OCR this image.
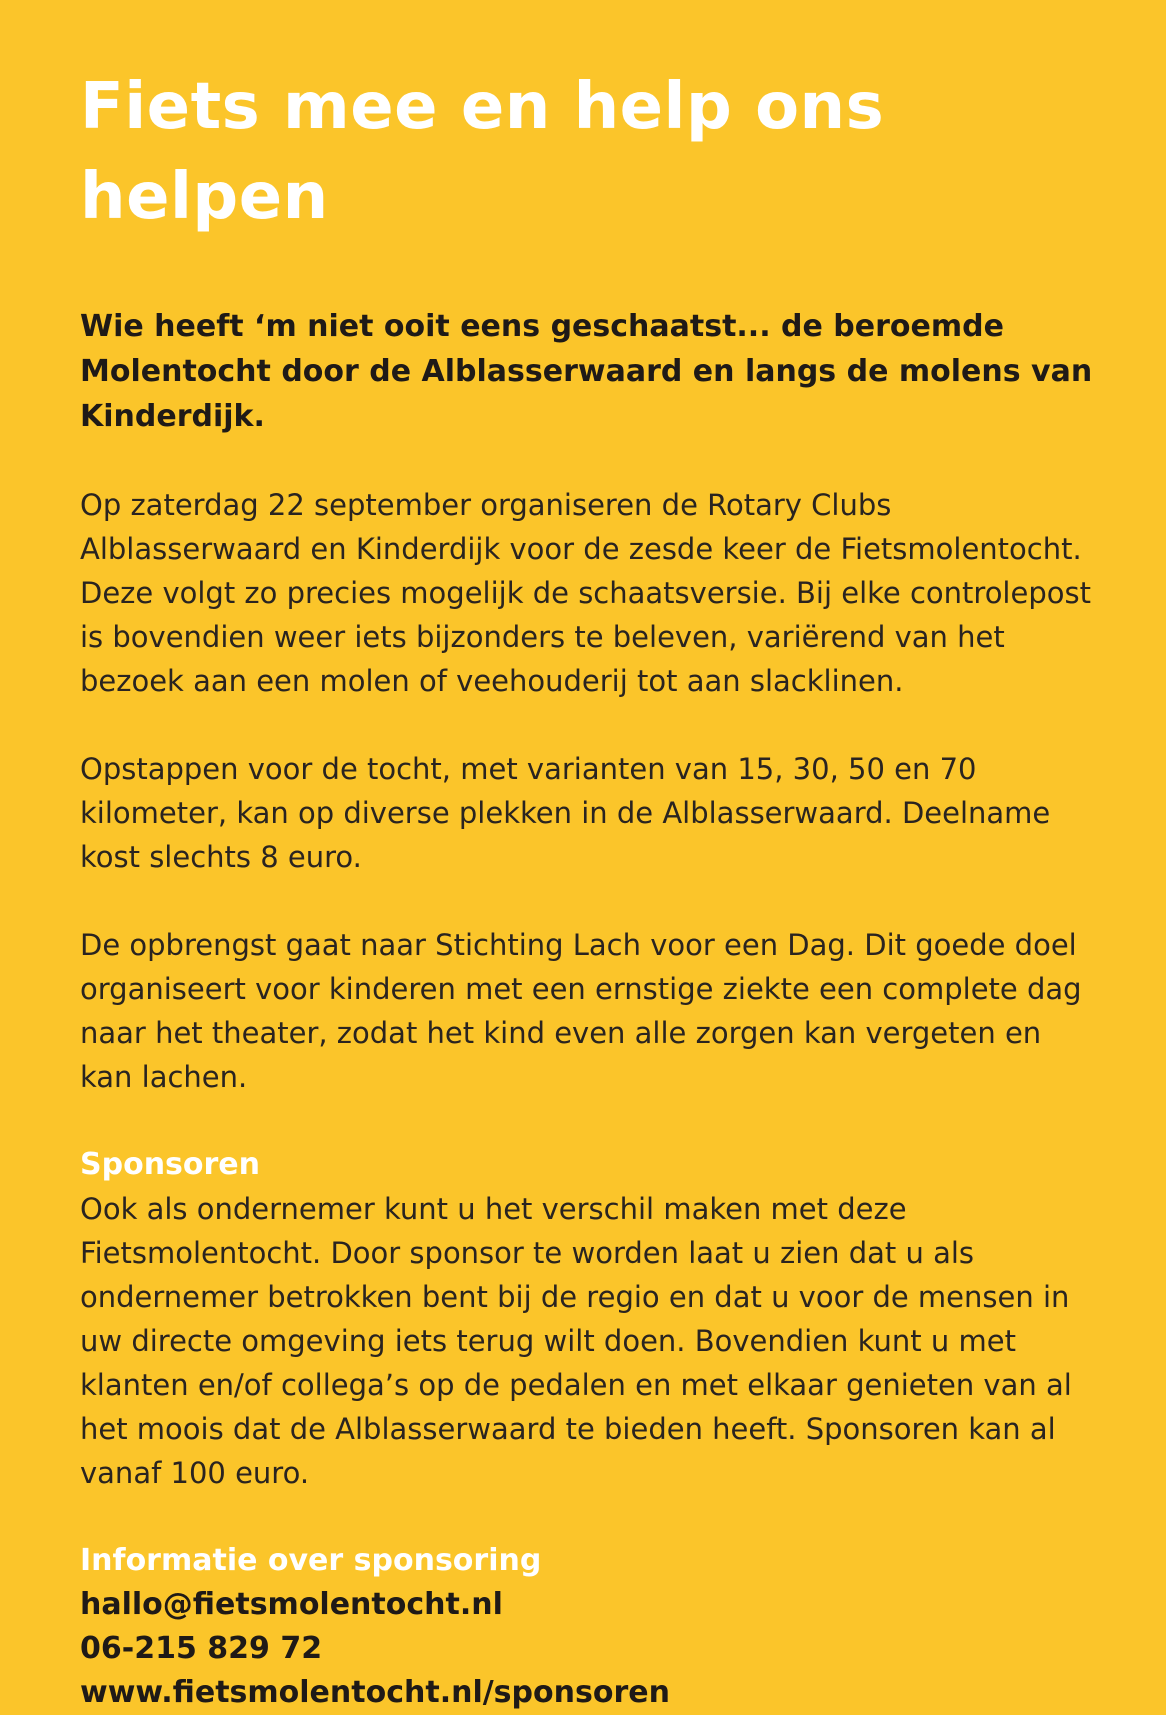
Fiets mee en help ons helpen

Wie heeft ‘m niet ooit eens geschaatst... de beroemde Molentocht door de Alblasserwaard en langs de molens van Kinderdijk.

Op zaterdag 22 september organiseren de Rotary Clubs Alblasserwaard en Kinderdijk voor de zesde keer de Fietsmolentocht. Deze volgt zo precies mogelijk de schaatsversie. Bij elke controlepost is bovendien weer iets bijzonders te beleven, variërend van het bezoek aan een molen of veehouderij tot aan slacklinen.

Opstappen voor de tocht, met varianten van 15, 30, 50 en 70 kilometer, kan op diverse plekken in de Alblasserwaard. Deelname kost slechts 8 euro.

De opbrengst gaat naar Stichting Lach voor een Dag. Dit goede doel organiseert voor kinderen met een ernstige ziekte een complete dag naar het theater, zodat het kind even alle zorgen kan vergeten en kan lachen.

Sponsoren

Ook als ondernemer kunt u het verschil maken met deze Fietsmolentocht. Door sponsor te worden laat u zien dat u als ondernemer betrokken bent bij de regio en dat u voor de mensen in uw directe omgeving iets terug wilt doen. Bovendien kunt u met klanten en/of collega’s op de pedalen en met elkaar genieten van al het moois dat de Alblasserwaard te bieden heeft. Sponsoren kan al vanaf 100 euro.

Informatie over sponsoring
hallo@fietsmolentocht.nl
06-215 829 72
www.fietsmolentocht.nl/sponsoren
